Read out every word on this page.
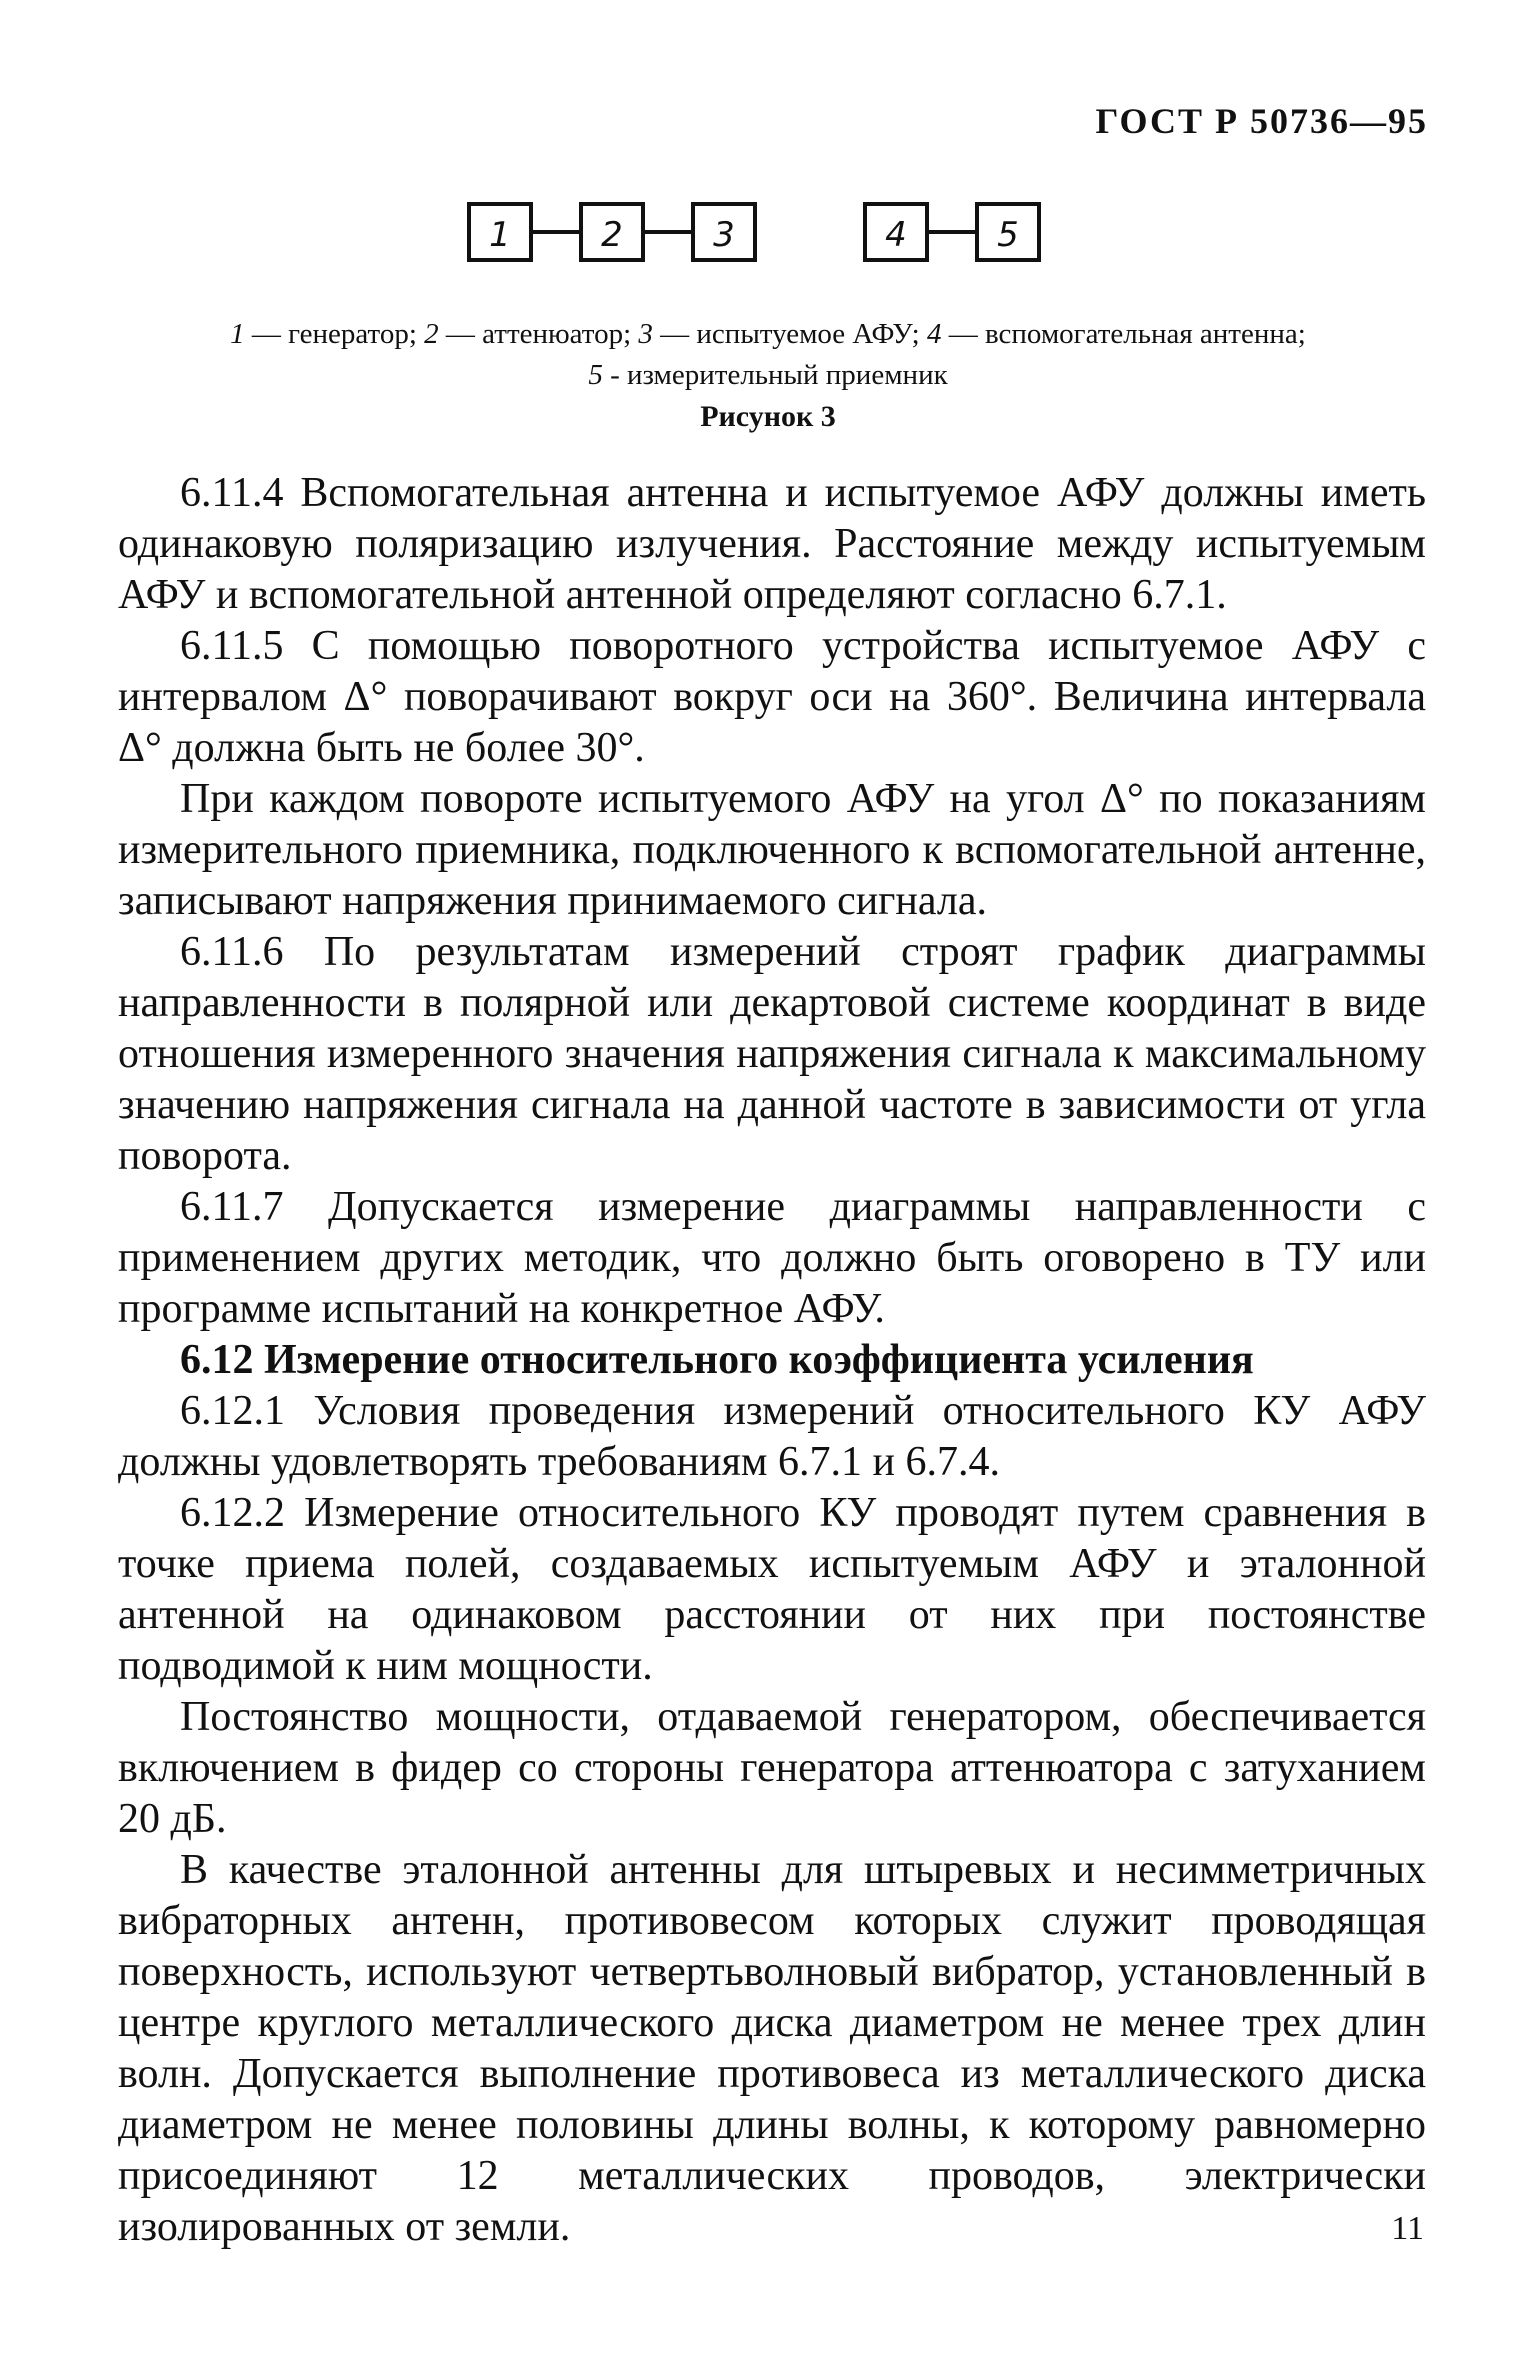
ГОСТ Р 50736—95
1	2	3	4	5
1 — генератор; 2 — аттенюатор; 3 — испытуемое АФУ; 4 — вспомогательная антенна; 5 - измерительный приемник
Рисунок 3

6.11.4 Вспомогательная антенна и испытуемое АФУ должны иметь одинаковую поляризацию излучения. Расстояние между испытуемым АФУ и вспомогательной антенной определяют согласно 6.7.1.

6.11.5 С помощью поворотного устройства испытуемое АФУ с интервалом Δ° поворачивают вокруг оси на 360°. Величина интервала Δ° должна быть не более 30°.

При каждом повороте испытуемого АФУ на угол Δ° по показаниям измерительного приемника, подключенного к вспомогательной антенне, записывают напряжения принимаемого сигнала.

6.11.6 По результатам измерений строят график диаграммы направленности в полярной или декартовой системе координат в виде отношения измеренного значения напряжения сигнала к максимальному значению напряжения сигнала на данной частоте в зависимости от угла поворота.

6.11.7 Допускается измерение диаграммы направленности с применением других методик, что должно быть оговорено в ТУ или программе испытаний на конкретное АФУ.

6.12 Измерение относительного коэффициента усиления

6.12.1 Условия проведения измерений относительного КУ АФУ должны удовлетворять требованиям 6.7.1 и 6.7.4.

6.12.2 Измерение относительного КУ проводят путем сравнения в точке приема полей, создаваемых испытуемым АФУ и эталонной антенной на одинаковом расстоянии от них при постоянстве подводимой к ним мощности.

Постоянство мощности, отдаваемой генератором, обеспечивается включением в фидер со стороны генератора аттенюатора с затуханием 20 дБ.

В качестве эталонной антенны для штыревых и несимметричных вибраторных антенн, противовесом которых служит проводящая поверхность, используют четвертьволновый вибратор, установленный в центре круглого металлического диска диаметром не менее трех длин волн. Допускается выполнение противовеса из металлического диска диаметром не менее половины длины волны, к которому равномерно присоединяют 12 металлических проводов, электрически изолированных от земли.	11
